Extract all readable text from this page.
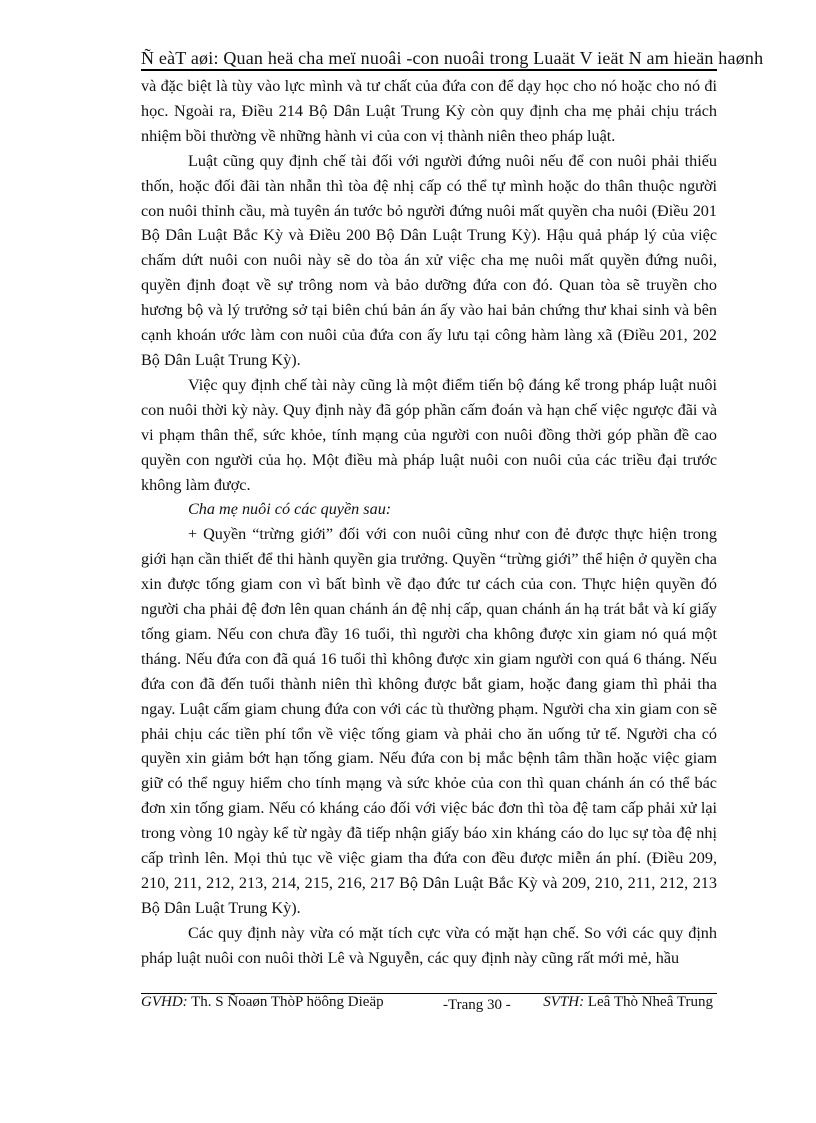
Ñ eàT aøi: Quan heä cha meï nuoâi -con nuoâi trong Luaät V ieät N am hieän haønh

và đặc biệt là tùy vào lực mình và tư chất của đứa con để dạy học cho nó hoặc cho nó đi học. Ngoài ra, Điều 214 Bộ Dân Luật Trung Kỳ còn quy định cha mẹ phải chịu trách nhiệm bồi thường về những hành vi của con vị thành niên theo pháp luật.

Luật cũng quy định chế tài đối với người đứng nuôi nếu để con nuôi phải thiếu thốn, hoặc đối đãi tàn nhẫn thì tòa đệ nhị cấp có thể tự mình hoặc do thân thuộc người con nuôi thỉnh cầu, mà tuyên án tước bỏ người đứng nuôi mất quyền cha nuôi (Điều 201 Bộ Dân Luật Bắc Kỳ và Điều 200 Bộ Dân Luật Trung Kỳ). Hậu quả pháp lý của việc chấm dứt nuôi con nuôi này sẽ do tòa án xử việc cha mẹ nuôi mất quyền đứng nuôi, quyền định đoạt về sự trông nom và bảo dưỡng đứa con đó. Quan tòa sẽ truyền cho hương bộ và lý trưởng sở tại biên chú bản án ấy vào hai bản chứng thư khai sinh và bên cạnh khoán ước làm con nuôi của đứa con ấy lưu tại công hàm làng xã (Điều 201, 202 Bộ Dân Luật Trung Kỳ).

Việc quy định chế tài này cũng là một điểm tiến bộ đáng kể trong pháp luật nuôi con nuôi thời kỳ này. Quy định này đã góp phần cấm đoán và hạn chế việc ngược đãi và vi phạm thân thể, sức khỏe, tính mạng của người con nuôi đồng thời góp phần đề cao quyền con người của họ. Một điều mà pháp luật nuôi con nuôi của các triều đại trước không làm được.

Cha mẹ nuôi có các quyền sau:

+ Quyền “trừng giới” đối với con nuôi cũng như con đẻ được thực hiện trong giới hạn cần thiết để thi hành quyền gia trưởng. Quyền “trừng giới” thể hiện ở quyền cha xin được tống giam con vì bất bình về đạo đức tư cách của con. Thực hiện quyền đó người cha phải đệ đơn lên quan chánh án đệ nhị cấp, quan chánh án hạ trát bắt và kí giấy tống giam. Nếu con chưa đầy 16 tuổi, thì người cha không được xin giam nó quá một tháng. Nếu đứa con đã quá 16 tuổi thì không được xin giam người con quá 6 tháng. Nếu đứa con đã đến tuổi thành niên thì không được bắt giam, hoặc đang giam thì phải tha ngay. Luật cấm giam chung đứa con với các tù thường phạm. Người cha xin giam con sẽ phải chịu các tiền phí tổn về việc tống giam và phải cho ăn uống tử tế. Người cha có quyền xin giảm bớt hạn tống giam. Nếu đứa con bị mắc bệnh tâm thần hoặc việc giam giữ có thể nguy hiểm cho tính mạng và sức khỏe của con thì quan chánh án có thể bác đơn xin tống giam. Nếu có kháng cáo đối với việc bác đơn thì tòa đệ tam cấp phải xử lại trong vòng 10 ngày kể từ ngày đã tiếp nhận giấy báo xin kháng cáo do lục sự tòa đệ nhị cấp trình lên. Mọi thủ tục về việc giam tha đứa con đều được miễn án phí. (Điều 209, 210, 211, 212, 213, 214, 215, 216, 217 Bộ Dân Luật Bắc Kỳ và 209, 210, 211, 212, 213 Bộ Dân Luật Trung Kỳ).

Các quy định này vừa có mặt tích cực vừa có mặt hạn chế. So với các quy định pháp luật nuôi con nuôi thời Lê và Nguyễn, các quy định này cũng rất mới mẻ, hầu

GVHD: Th. S Ñoaøn ThòP höông Dieäp	-Trang 30 - SVTH: Leâ Thò Nheâ Trung
